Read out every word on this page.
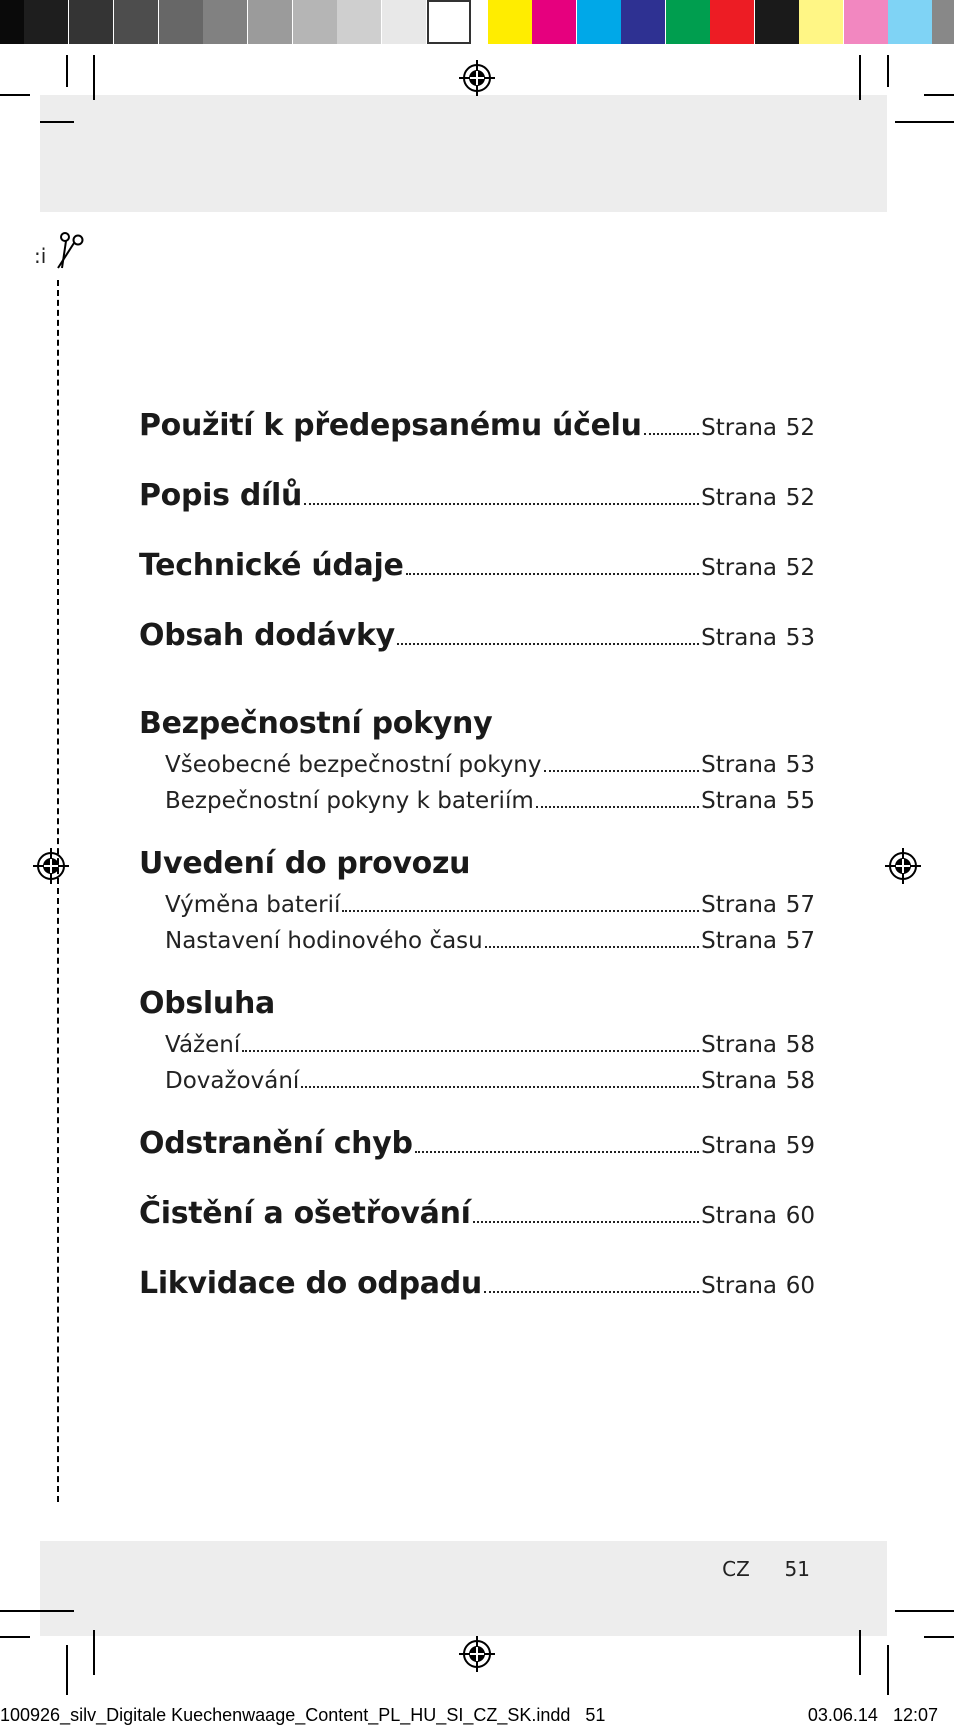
:i
Použití k předepsanému účelu	Strana 52
Popis dílů	Strana 52
Technické údaje	Strana 52
Obsah dodávky	Strana 53
Bezpečnostní pokyny
Všeobecné bezpečnostní pokyny	Strana 53
Bezpečnostní pokyny k bateriím	Strana 55
Uvedení do provozu
Výměna baterií	Strana 57
Nastavení hodinového času	Strana 57
Obsluha
Vážení	Strana 58
Dovažování	Strana 58
Odstranění chyb	Strana 59
Čistění a ošetřování	Strana 60
Likvidace do odpadu	Strana 60
CZ 51
100926_silv_Digitale Kuechenwaage_Content_PL_HU_SI_CZ_SK.indd   51	03.06.14   12:07
